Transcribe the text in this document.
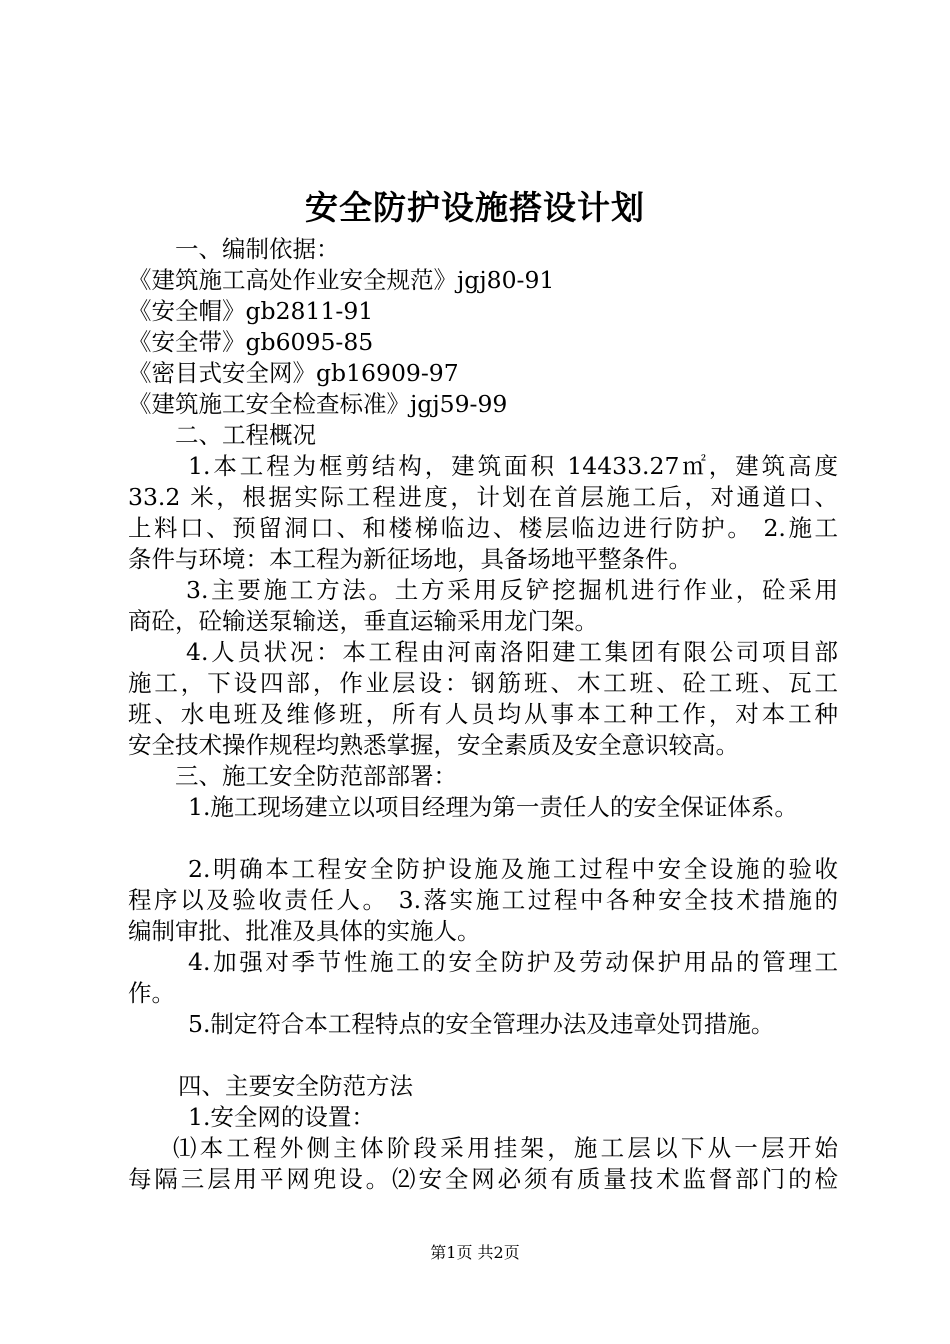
安全防护设施搭设计划
一、编制依据：
《建筑施工高处作业安全规范》jgj80-91
《安全帽》gb2811-91
《安全带》gb6095-85
《密目式安全网》gb16909-97
《建筑施工安全检查标准》jgj59-99
二、工程概况
1.本工程为框剪结构，建筑面积 14433.27㎡，建筑高度
33.2 米，根据实际工程进度，计划在首层施工后，对通道口、
上料口、预留洞口、和楼梯临边、楼层临边进行防护。 2.施工
条件与环境：本工程为新征场地，具备场地平整条件。
3.主要施工方法。土方采用反铲挖掘机进行作业，砼采用
商砼，砼输送泵输送，垂直运输采用龙门架。
4.人员状况：本工程由河南洛阳建工集团有限公司项目部
施工，下设四部，作业层设：钢筋班、木工班、砼工班、瓦工
班、水电班及维修班，所有人员均从事本工种工作，对本工种
安全技术操作规程均熟悉掌握，安全素质及安全意识较高。
三、施工安全防范部部署：
1.施工现场建立以项目经理为第一责任人的安全保证体系。
2.明确本工程安全防护设施及施工过程中安全设施的验收
程序以及验收责任人。 3.落实施工过程中各种安全技术措施的
编制审批、批准及具体的实施人。
4.加强对季节性施工的安全防护及劳动保护用品的管理工
作。
5.制定符合本工程特点的安全管理办法及违章处罚措施。
四、主要安全防范方法
1.安全网的设置：
⑴本工程外侧主体阶段采用挂架，施工层以下从一层开始
每隔三层用平网兜设。⑵安全网必须有质量技术监督部门的检
第1页 共2页
